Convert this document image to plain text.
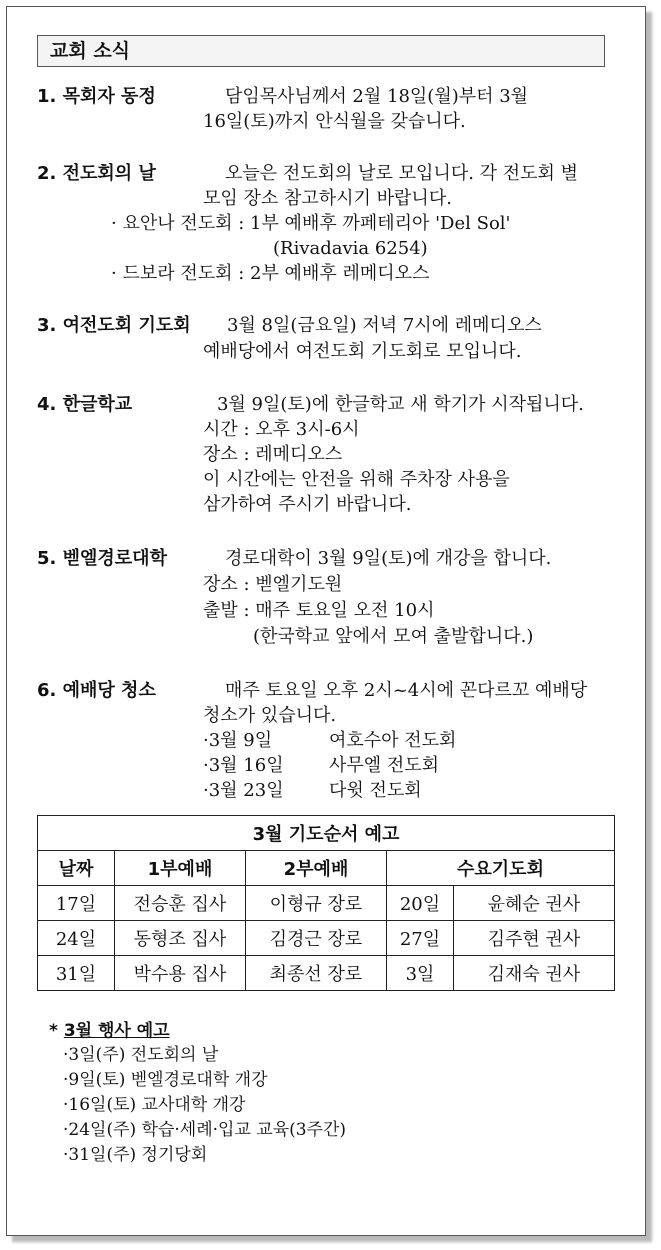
교회 소식
1. 목회자 동정	담임목사님께서 2월 18일(월)부터 3월
16일(토)까지 안식월을 갖습니다.
2. 전도회의 날	오늘은 전도회의 날로 모입니다. 각 전도회 별
모임 장소 참고하시기 바랍니다.
· 요안나 전도회 : 1부 예배후 까페테리아 'Del Sol'
(Rivadavia 6254)
· 드보라 전도회 : 2부 예배후 레메디오스
3. 여전도회 기도회 3월 8일(금요일) 저녁 7시에 레메디오스
예배당에서 여전도회 기도회로 모입니다.
4. 한글학교	3월 9일(토)에 한글학교 새 학기가 시작됩니다.
시간 : 오후 3시-6시
장소 : 레메디오스
이 시간에는 안전을 위해 주차장 사용을
삼가하여 주시기 바랍니다.
5. 벧엘경로대학	경로대학이 3월 9일(토)에 개강을 합니다.
장소 : 벧엘기도원
출발 : 매주 토요일 오전 10시
(한국학교 앞에서 모여 출발합니다.)
6. 예배당 청소	매주 토요일 오후 2시~4시에 꼰다르꼬 예배당
청소가 있습니다.
·3월 9일	여호수아 전도회
·3월 16일	사무엘 전도회
·3월 23일	다윗 전도회
3월 기도순서 예고				
날짜	1부예배	2부예배	수요기도회	
17일	전승훈 집사	이형규 장로	20일	윤혜순 권사
24일	동형조 집사	김경근 장로	27일	김주현 권사
31일	박수용 집사	최종선 장로	3일	김재숙 권사
* 3월 행사 예고
·3일(주) 전도회의 날
·9일(토) 벧엘경로대학 개강
·16일(토) 교사대학 개강
·24일(주) 학습·세례·입교 교육(3주간)
·31일(주) 정기당회
